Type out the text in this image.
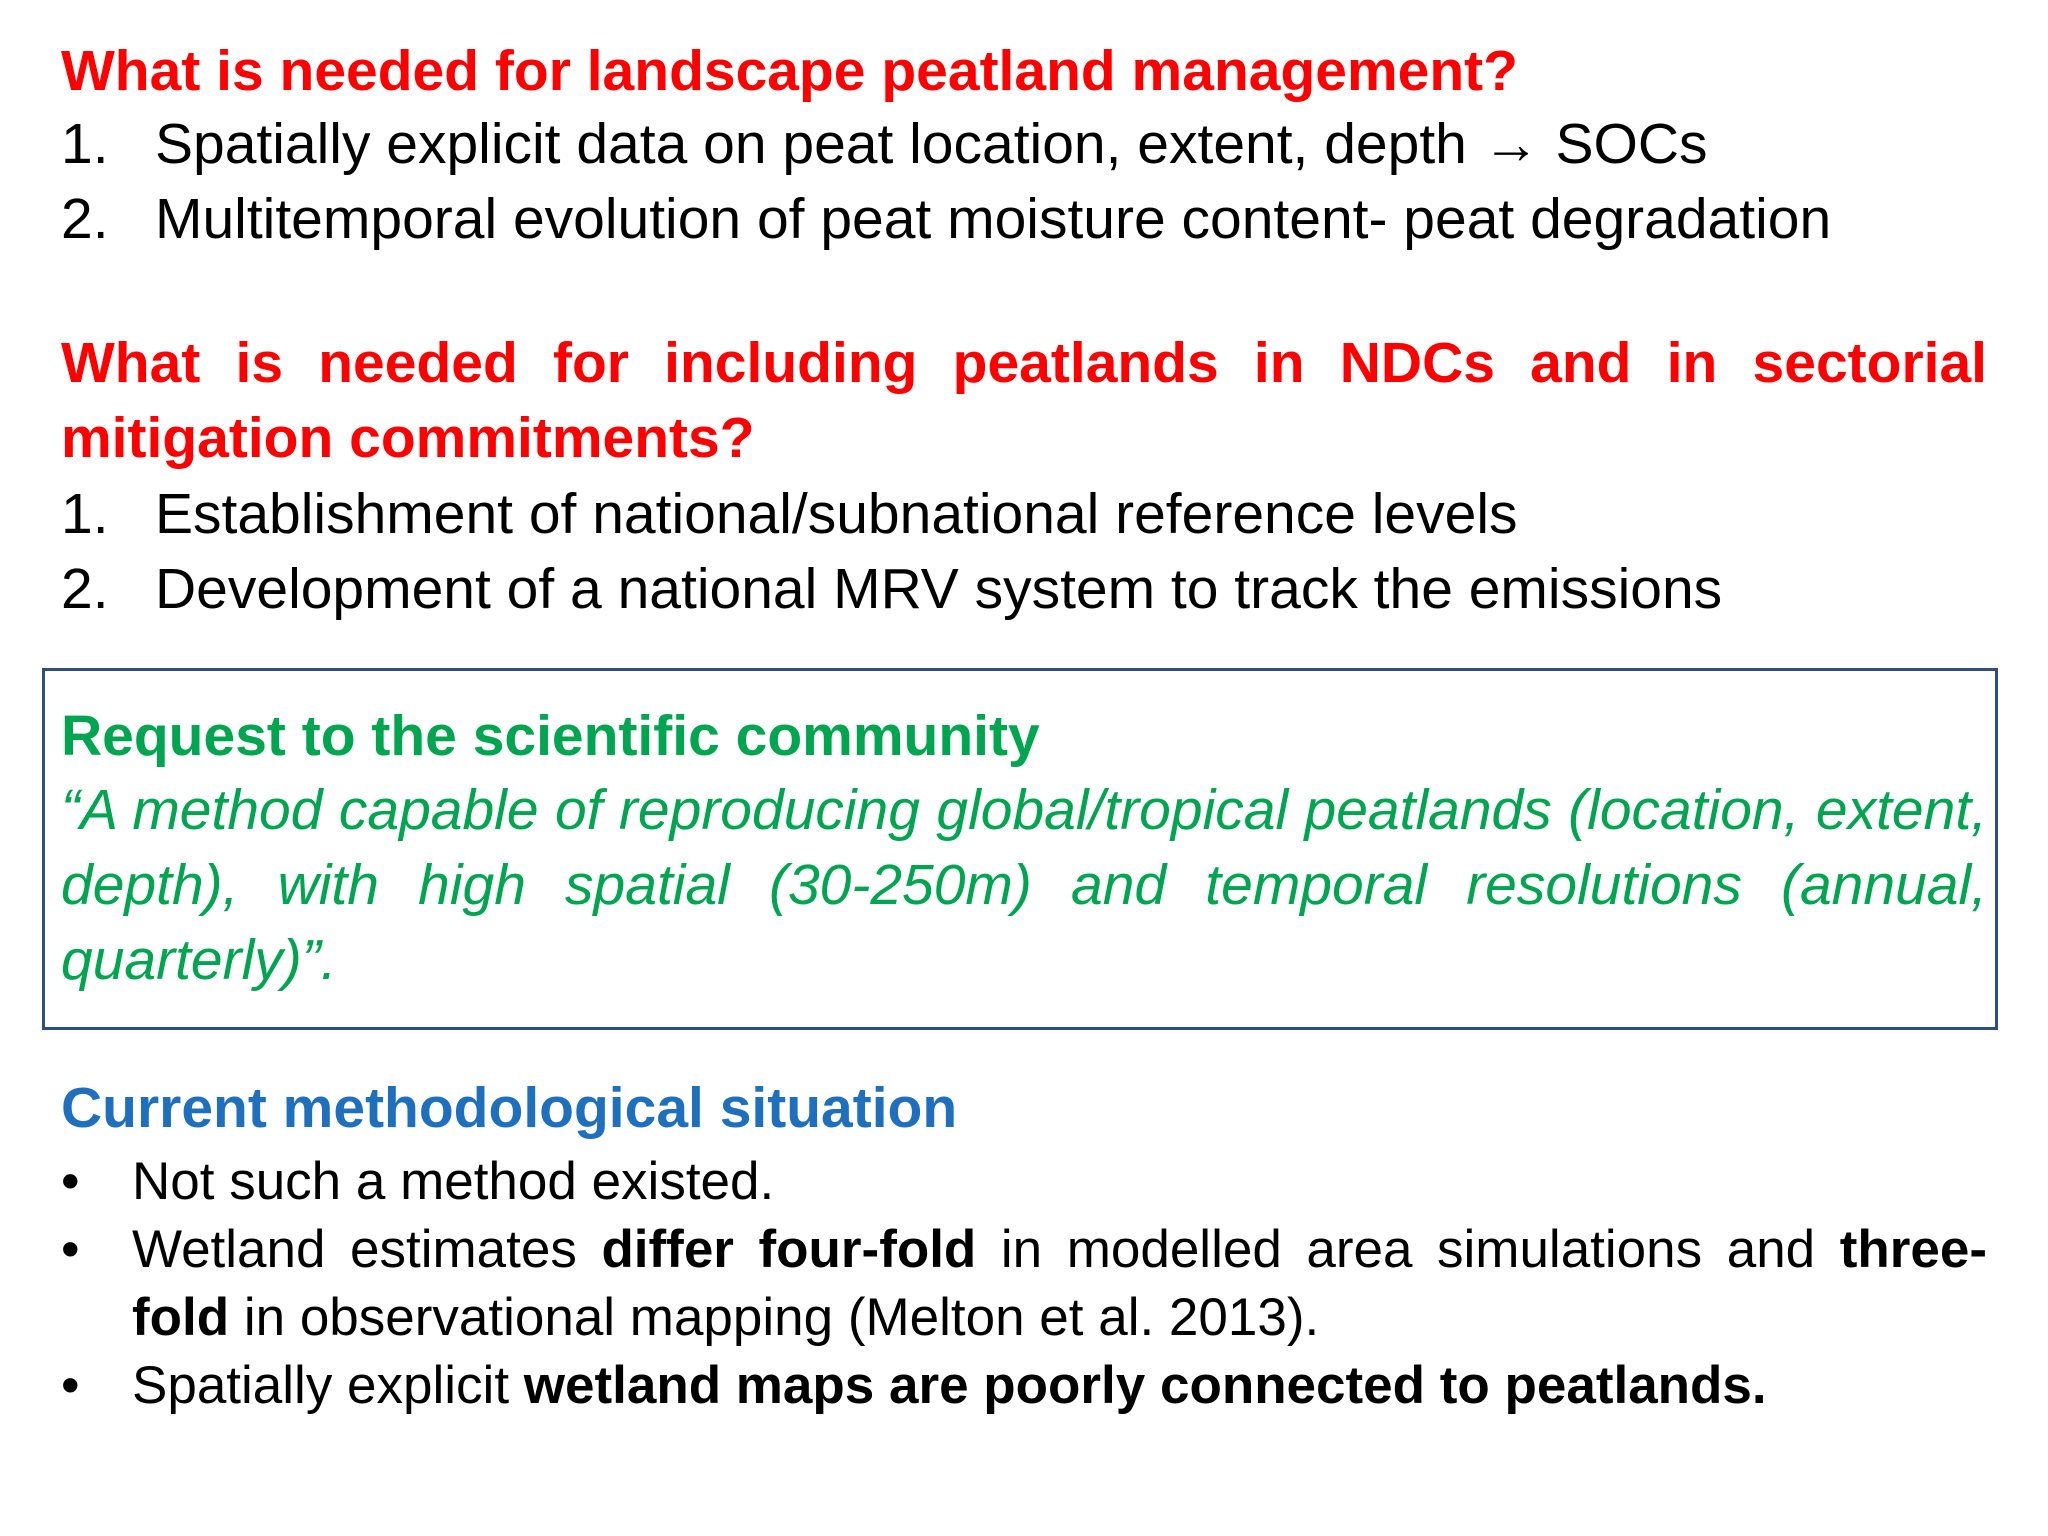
What is needed for landscape peatland management?
1. Spatially explicit data on peat location, extent, depth → SOCs
2. Multitemporal evolution of peat moisture content- peat degradation
What is needed for including peatlands in NDCs and in sectorial mitigation commitments?
1. Establishment of national/subnational reference levels
2. Development of a national MRV system to track the emissions
Request to the scientific community

“A method capable of reproducing global/tropical peatlands (location, extent, depth), with high spatial (30-250m) and temporal resolutions (annual, quarterly)”.

Current methodological situation
• Not such a method existed.
• Wetland estimates differ four-fold in modelled area simulations and three-fold in observational mapping (Melton et al. 2013).
• Spatially explicit wetland maps are poorly connected to peatlands.
